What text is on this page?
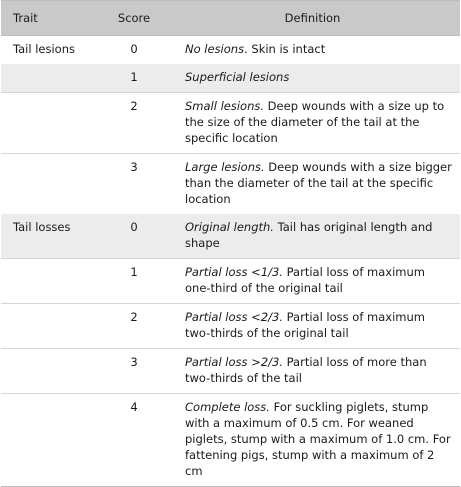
Trait	Score	Definition
Tail lesions	0	No lesions. Skin is intact
	1	Superficial lesions
	2	Small lesions. Deep wounds with a size up to the size of the diameter of the tail at the specific location
	3	Large lesions. Deep wounds with a size bigger than the diameter of the tail at the specific location
Tail losses	0	Original length. Tail has original length and shape
	1	Partial loss <1/3. Partial loss of maximum one-third of the original tail
	2	Partial loss <2/3. Partial loss of maximum two-thirds of the original tail
	3	Partial loss >2/3. Partial loss of more than two-thirds of the tail
	4	Complete loss. For suckling piglets, stump with a maximum of 0.5 cm. For weaned piglets, stump with a maximum of 1.0 cm. For fattening pigs, stump with a maximum of 2 cm
